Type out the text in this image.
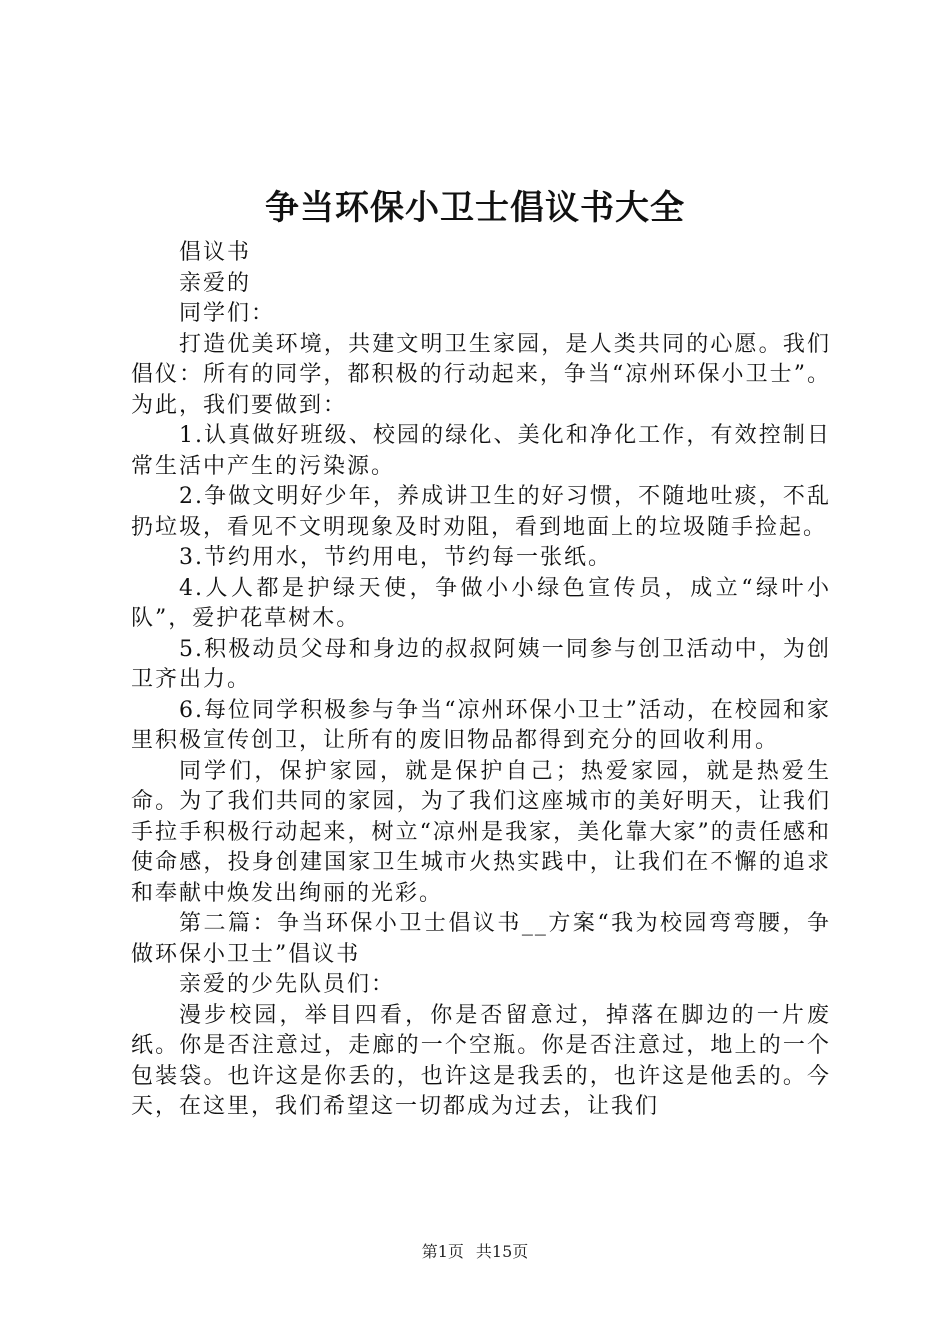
争当环保小卫士倡议书大全

倡议书

亲爱的

同学们：

打造优美环境，共建文明卫生家园，是人类共同的心愿。我们倡仪：所有的同学，都积极的行动起来，争当“凉州环保小卫士”。为此，我们要做到：

1.认真做好班级、校园的绿化、美化和净化工作，有效控制日常生活中产生的污染源。

2.争做文明好少年，养成讲卫生的好习惯，不随地吐痰，不乱扔垃圾，看见不文明现象及时劝阻，看到地面上的垃圾随手捡起。

3.节约用水，节约用电，节约每一张纸。

4.人人都是护绿天使，争做小小绿色宣传员，成立“绿叶小队”，爱护花草树木。

5.积极动员父母和身边的叔叔阿姨一同参与创卫活动中，为创卫齐出力。

6.每位同学积极参与争当“凉州环保小卫士”活动，在校园和家里积极宣传创卫，让所有的废旧物品都得到充分的回收利用。

同学们，保护家园，就是保护自己；热爱家园，就是热爱生命。为了我们共同的家园，为了我们这座城市的美好明天，让我们手拉手积极行动起来，树立“凉州是我家，美化靠大家”的责任感和使命感，投身创建国家卫生城市火热实践中，让我们在不懈的追求和奉献中焕发出绚丽的光彩。

第二篇：争当环保小卫士倡议书__方案“我为校园弯弯腰，争做环保小卫士”倡议书

亲爱的少先队员们：

漫步校园，举目四看，你是否留意过，掉落在脚边的一片废纸。你是否注意过，走廊的一个空瓶。你是否注意过，地上的一个包装袋。也许这是你丢的，也许这是我丢的，也许这是他丢的。今天，在这里，我们希望这一切都成为过去，让我们

第1页 共15页
